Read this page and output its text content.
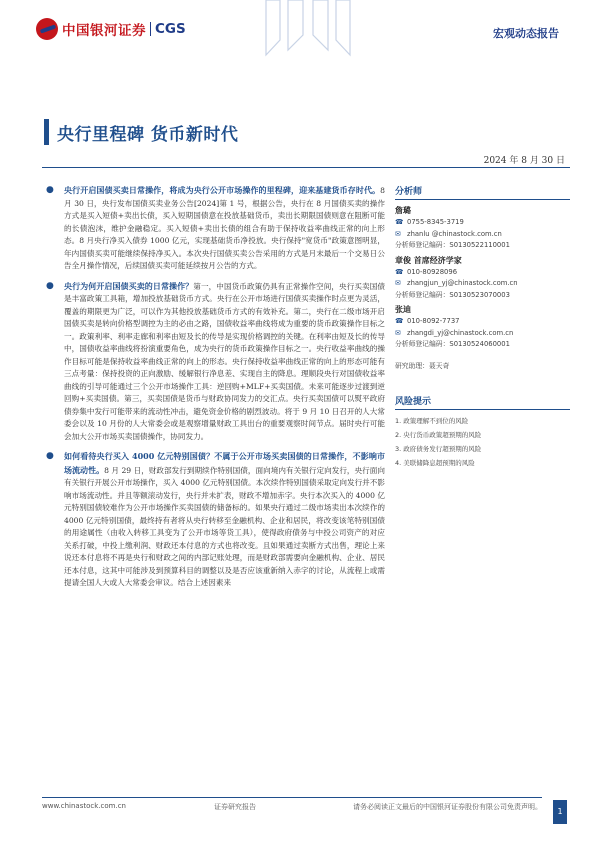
中国银河证券 CGS	宏观动态报告
央行里程碑 货币新时代
2024 年 8 月 30 日
● 央行开启国债买卖日常操作，将成为央行公开市场操作的里程碑，迎来基建货币存时代。8 月 30 日，央行发布国债买卖业务公告[2024]第 1 号，根据公告，央行在 8 月国债买卖的操作方式是买入短债+卖出长债，买入短期国债意在投放基础货币，卖出长期限国债则意在阻断可能的长债泡沫，维护金融稳定。买入短债+卖出长债的组合有助于保持收益率曲线正常的向上形态。8 月央行净买入债券 1000 亿元，实现基础货币净投放。央行保持"宽货币"政策意图明显，年内国债买卖可能继续保持净买入。本次央行国债买卖公告采用的方式是月末最后一个交易日公告全月操作情况，后续国债买卖可能延续按月公告的方式。
● 央行为何开启国债买卖的日常操作？第一，中国货币政策仍具有正常操作空间，央行买卖国债是丰富政策工具箱，增加投放基础货币方式。央行在公开市场进行国债买卖操作时点更为灵活，覆盖的期限更为广泛，可以作为其他投放基础货币方式的有效补充。第二，央行在二级市场开启国债买卖是转向价格型调控为主的必由之路，国债收益率曲线将成为重要的货币政策操作目标之一。政策利率、利率走廊和利率由短及长的传导是实现价格调控的关键。在利率由短及长的传导中，国债收益率曲线将扮演重要角色，成为央行的货币政策操作目标之一。央行收益率曲线的操作目标可能是保持收益率曲线正常的向上的形态。央行保持收益率曲线正常的向上的形态可能有三点考量：保持投资的正向激励、缓解银行净息差、实现自主的降息。理顺段央行对国债收益率曲线的引导可能通过三个公开市场操作工具：逆回购+MLF+买卖国债。未来可能逐步过渡到逆回购+买卖国债。第三，买卖国债是货币与财政协同发力的交汇点。央行买卖国债可以熨平政府债券集中发行可能带来的流动性冲击，避免资金价格的剧烈波动。将于 9 月 10 日召开的人大常委会以及 10 月份的人大常委会或是观察增量财政工具出台的重要观察时间节点。届时央行可能会加大公开市场买卖国债操作，协同发力。
● 如何看待央行买入 4000 亿元特别国债？不属于公开市场买卖国债的日常操作，不影响市场流动性。8 月 29 日，财政部发行到期续作特别国债，面向境内有关银行定向发行，央行面向有关银行开展公开市场操作，买入 4000 亿元特别国债。本次续作特别国债采取定向发行并不影响市场流动性。并且等额滚动发行，央行并未扩表，财政不增加赤字。央行本次买入的 4000 亿元特别国债较难作为公开市场操作买卖国债的储备标的。如果央行通过二级市场卖出本次续作的 4000 亿元特别国债，最终持有者将从央行转移至金融机构、企业和居民，将改变该笔特别国债的用途属性（由收入转移工具变为了公开市场等货工具），使得政府债务与中投公司资产的对应关系打破，中投上缴利润、财政还本付息的方式也将改变。且如果通过卖断方式出售，理论上来说还本付息将不再是央行和财政之间的内部记账处理，而是财政部需要向金融机构、企业、居民还本付息，这其中可能涉及到预算科目的调整以及是否应该重新纳入赤字的讨论，从流程上或需提请全国人大或人大常委会审议。结合上述因素来
分析师
詹璐
☎ 0755-8345-3719
✉ zhanlu @chinastock.com.cn
分析师登记编码：S0130522110001
章俊 首席经济学家
☎ 010-80928096
✉ zhangjun_yj@chinastock.com.cn
分析师登记编码：S0130523070003
张迪
☎ 010-8092-7737
✉ zhangdi_yj@chinastock.com.cn
分析师登记编码：S0130524060001
研究助理：聂天奇
风险提示
1. 政策理解不到位的风险
2. 央行货币政策超预期的风险
3. 政府债务发行超预期的风险
4. 美联储降息超预期的风险
www.chinastock.com.cn	证券研究报告	请务必阅读正文最后的中国银河证券股份有限公司免责声明。	1
